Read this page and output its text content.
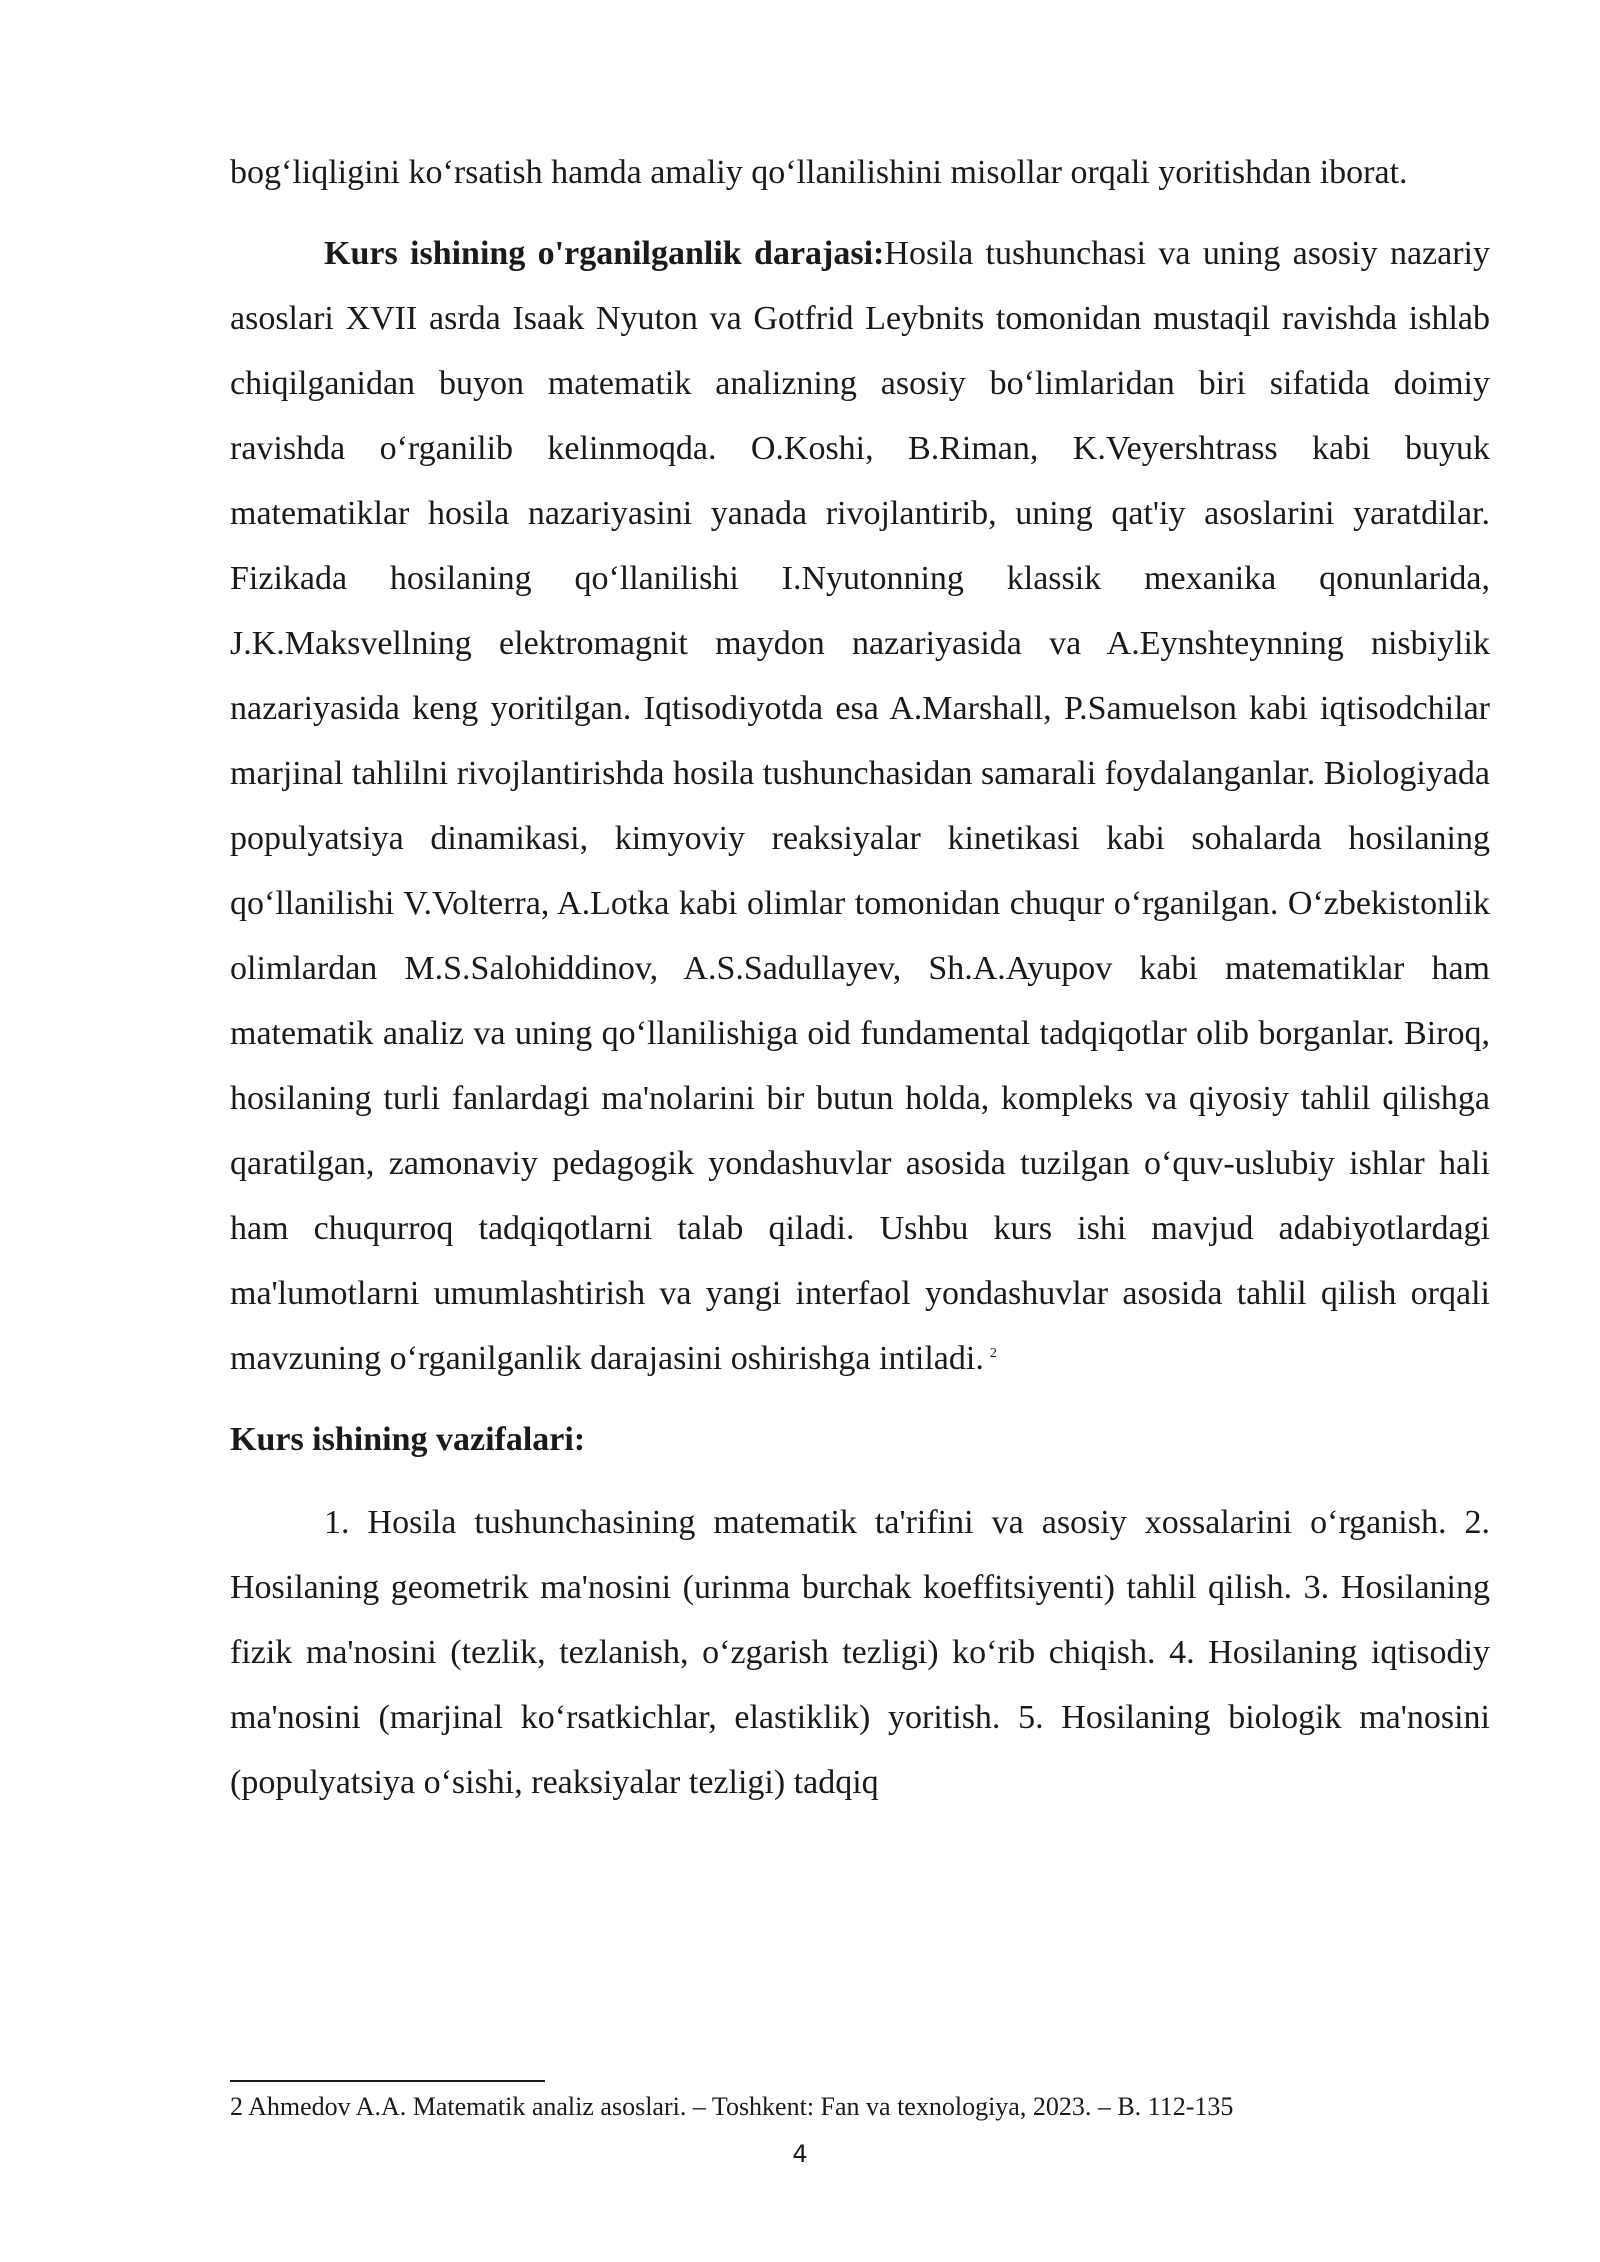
bog‘liqligini ko‘rsatish hamda amaliy qo‘llanilishini misollar orqali yoritishdan iborat.

Kurs ishining o'rganilganlik darajasi:Hosila tushunchasi va uning asosiy nazariy asoslari XVII asrda Isaak Nyuton va Gotfrid Leybnits tomonidan mustaqil ravishda ishlab chiqilganidan buyon matematik analizning asosiy bo‘limlaridan biri sifatida doimiy ravishda o‘rganilib kelinmoqda. O.Koshi, B.Riman, K.Veyershtrass kabi buyuk matematiklar hosila nazariyasini yanada rivojlantirib, uning qat'iy asoslarini yaratdilar. Fizikada hosilaning qo‘llanilishi I.Nyutonning klassik mexanika qonunlarida, J.K.Maksvellning elektromagnit maydon nazariyasida va A.Eynshteynning nisbiylik nazariyasida keng yoritilgan. Iqtisodiyotda esa A.Marshall, P.Samuelson kabi iqtisodchilar marjinal tahlilni rivojlantirishda hosila tushunchasidan samarali foydalanganlar. Biologiyada populyatsiya dinamikasi, kimyoviy reaksiyalar kinetikasi kabi sohalarda hosilaning qo‘llanilishi V.Volterra, A.Lotka kabi olimlar tomonidan chuqur o‘rganilgan. O‘zbekistonlik olimlardan M.S.Salohiddinov, A.S.Sadullayev, Sh.A.Ayupov kabi matematiklar ham matematik analiz va uning qo‘llanilishiga oid fundamental tadqiqotlar olib borganlar. Biroq, hosilaning turli fanlardagi ma'nolarini bir butun holda, kompleks va qiyosiy tahlil qilishga qaratilgan, zamonaviy pedagogik yondashuvlar asosida tuzilgan o‘quv-uslubiy ishlar hali ham chuqurroq tadqiqotlarni talab qiladi. Ushbu kurs ishi mavjud adabiyotlardagi ma'lumotlarni umumlashtirish va yangi interfaol yondashuvlar asosida tahlil qilish orqali mavzuning o‘rganilganlik darajasini oshirishga intiladi. $^2$

Kurs ishining vazifalari:

1. Hosila tushunchasining matematik ta'rifini va asosiy xossalarini o‘rganish. 2. Hosilaning geometrik ma'nosini (urinma burchak koeffitsiyenti) tahlil qilish. 3. Hosilaning fizik ma'nosini (tezlik, tezlanish, o‘zgarish tezligi) ko‘rib chiqish. 4. Hosilaning iqtisodiy ma'nosini (marjinal ko‘rsatkichlar, elastiklik) yoritish. 5. Hosilaning biologik ma'nosini (populyatsiya o‘sishi, reaksiyalar tezligi) tadqiq

2 Ahmedov A.A. Matematik analiz asoslari. – Toshkent: Fan va texnologiya, 2023. – B. 112-135

4
